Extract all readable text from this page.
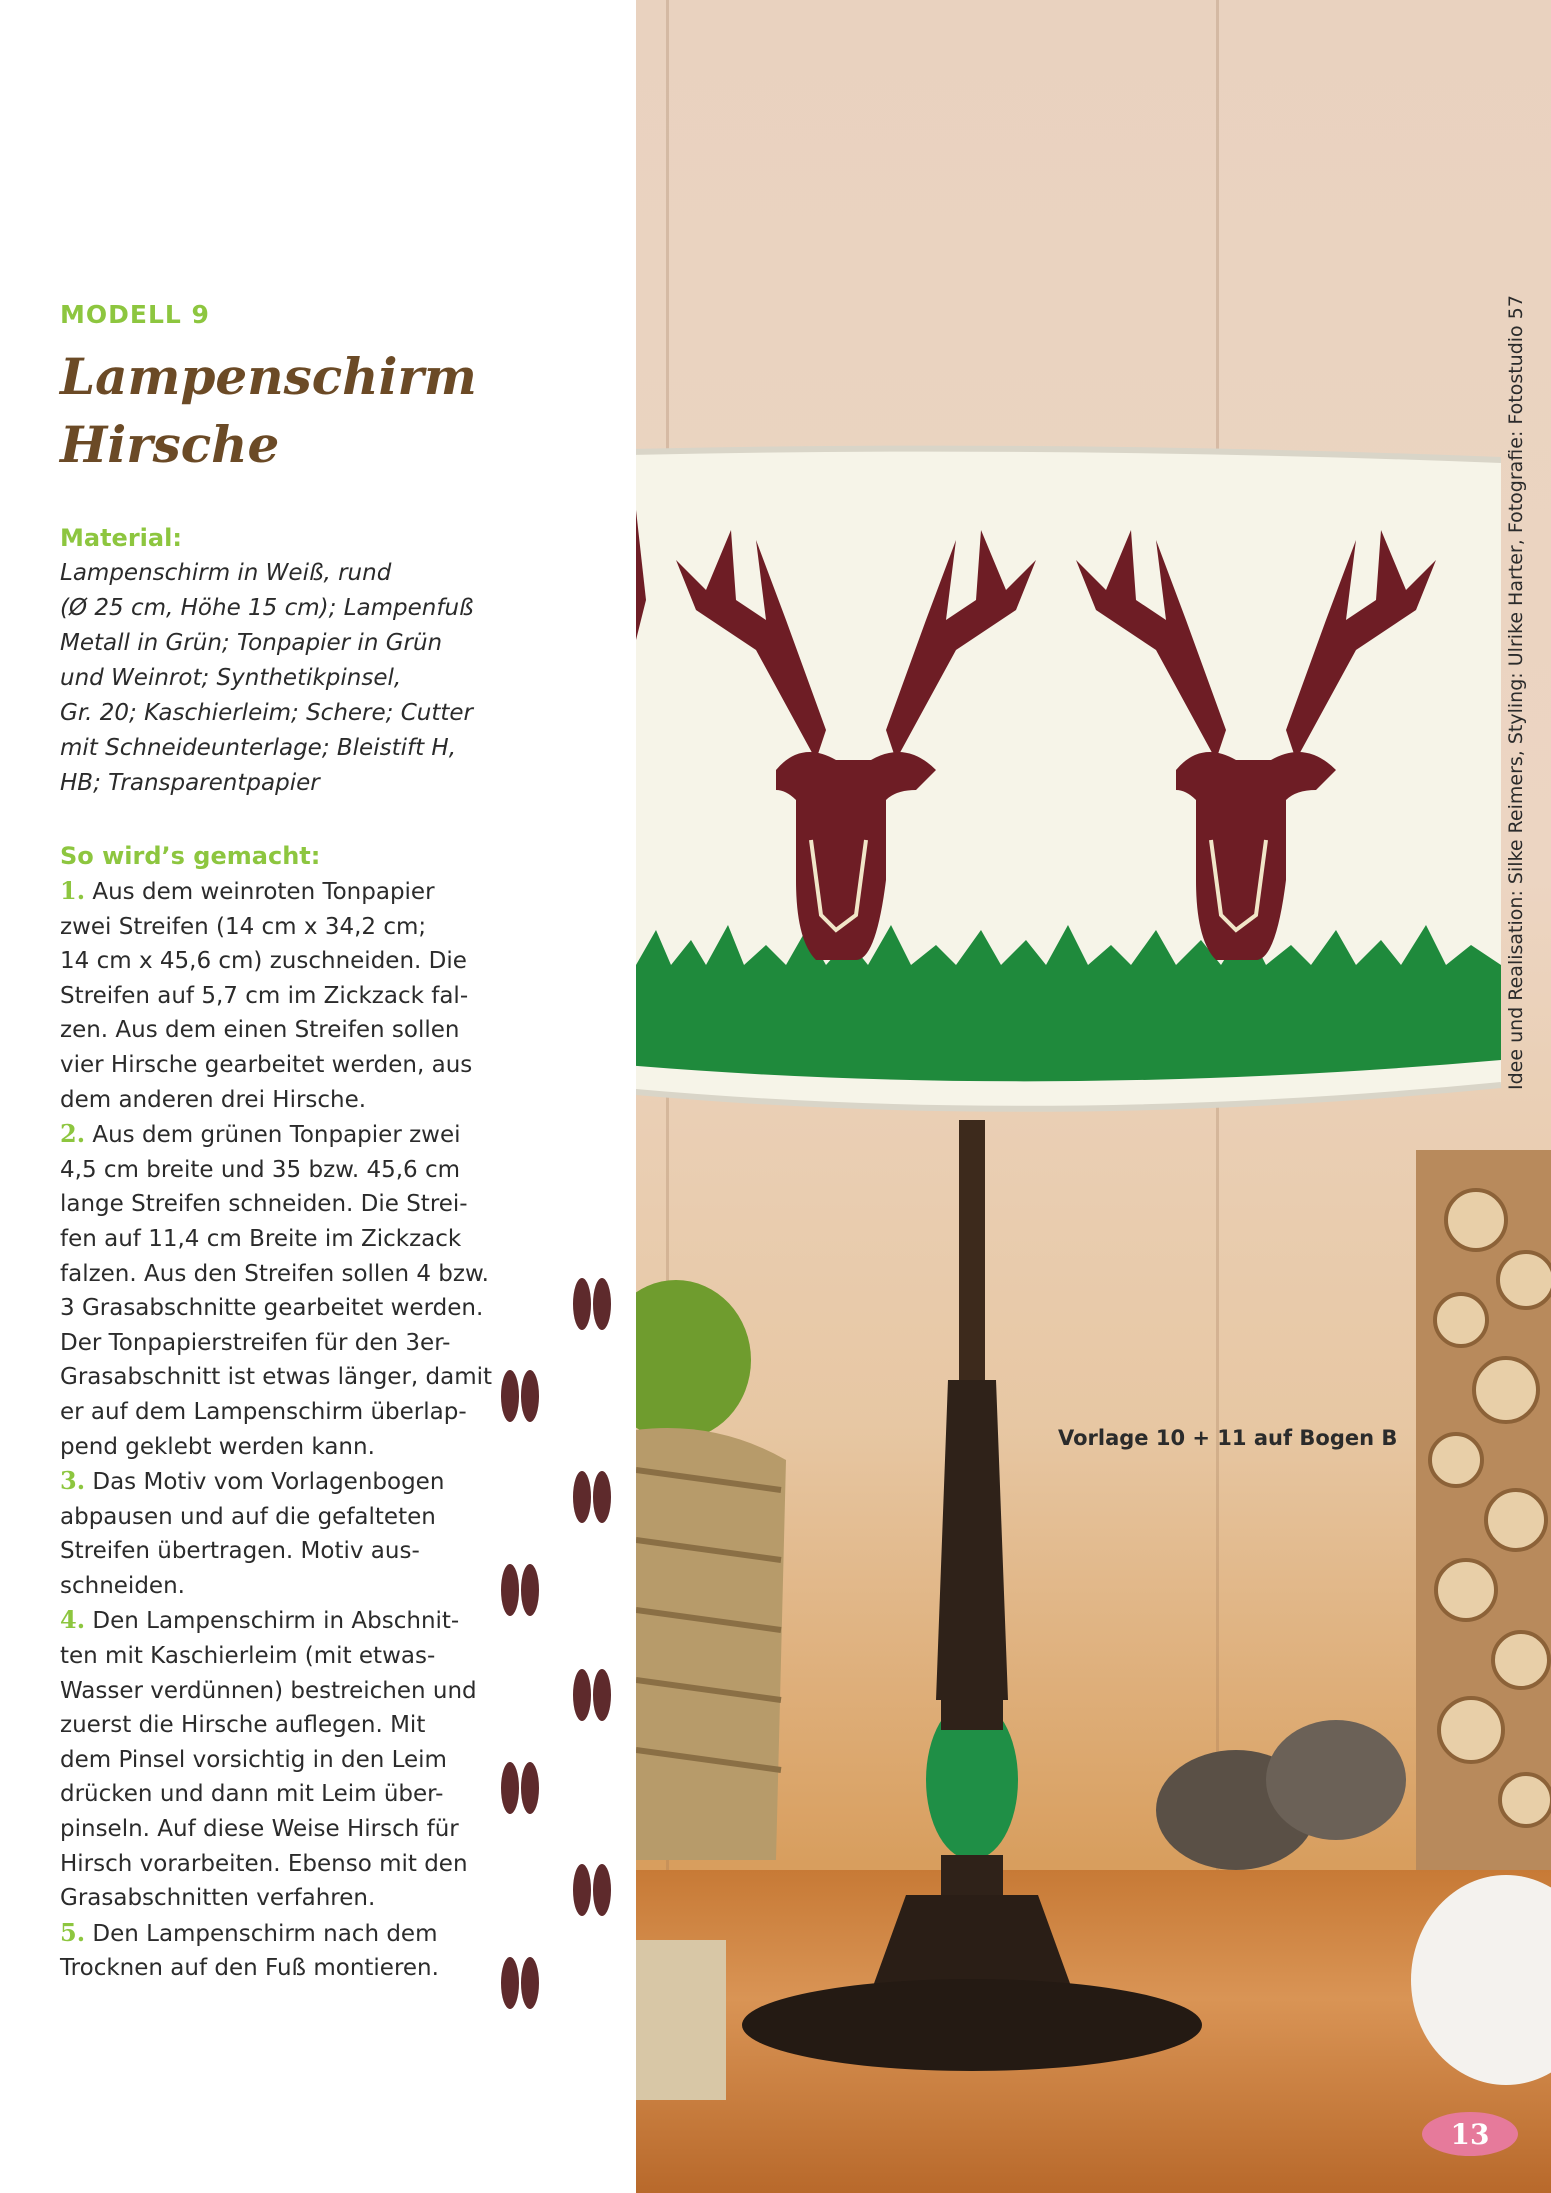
MODELL 9
Lampenschirm
Hirsche
Material:

Lampenschirm in Weiß, rund
(Ø 25 cm, Höhe 15 cm); Lampenfuß
Metall in Grün; Tonpapier in Grün
und Weinrot; Synthetikpinsel,
Gr. 20; Kaschierleim; Schere; Cutter
mit Schneideunterlage; Bleistift H,
HB; Transparentpapier

So wird’s gemacht:
1. Aus dem weinroten Tonpapier
zwei Streifen (14 cm x 34,2 cm;
14 cm x 45,6 cm) zuschneiden. Die
Streifen auf 5,7 cm im Zickzack fal-
zen. Aus dem einen Streifen sollen
vier Hirsche gearbeitet werden, aus
dem anderen drei Hirsche.
2. Aus dem grünen Tonpapier zwei
4,5 cm breite und 35 bzw. 45,6 cm
lange Streifen schneiden. Die Strei-
fen auf 11,4 cm Breite im Zickzack
falzen. Aus den Streifen sollen 4 bzw.
3 Grasabschnitte gearbeitet werden.
Der Tonpapierstreifen für den 3er-
Grasabschnitt ist etwas länger, damit
er auf dem Lampenschirm überlap-
pend geklebt werden kann.
3. Das Motiv vom Vorlagenbogen
abpausen und auf die gefalteten
Streifen übertragen. Motiv aus-
schneiden.
4. Den Lampenschirm in Abschnit-
ten mit Kaschierleim (mit etwas-
Wasser verdünnen) bestreichen und
zuerst die Hirsche auflegen. Mit
dem Pinsel vorsichtig in den Leim
drücken und dann mit Leim über-
pinseln. Auf diese Weise Hirsch für
Hirsch vorarbeiten. Ebenso mit den
Grasabschnitten verfahren.
5. Den Lampenschirm nach dem
Trocknen auf den Fuß montieren.
Idee und Realisation: Silke Reimers, Styling: Ulrike Harter, Fotografie: Fotostudio 57
Vorlage 10 + 11 auf Bogen B
13
